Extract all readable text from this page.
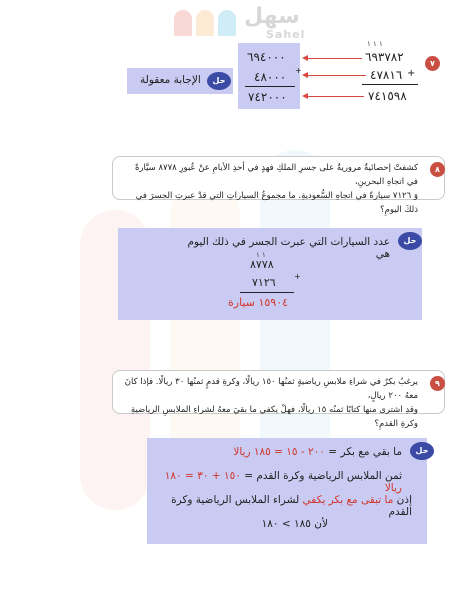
سهل
Sahel
٧
١ ١ ١
٦٩٣٧٨٢
+
٤٧٨١٦
٧٤١٥٩٨
٦٩٤٠٠٠
+
٤٨٠٠٠
٧٤٢٠٠٠
الإجابة معقولة	حل
كشفتْ إحصائيةٌ مروريةٌ على جسرِ الملكِ فهدٍ في أحدِ الأيامِ عنْ عُبورِ ٨٧٧٨ سيَّارةً في اتجاهِ البحرينِ،
وَ ٧١٢٦ سيارةً في اتجاهِ السُّعوديةِ. ما مجموعُ السياراتِ التي قدْ عبرتِ الجسرَ في ذلكَ اليومِ؟
٨
حل
عدد السيارات التي عبرت الجسر في ذلك اليوم هي
١ ١
٨٧٧٨
+
٧١٢٦
١٥٩٠٤ سيارة
يرغبُ بكرٌ في شراءِ ملابسِ رياضيةٍ ثمنُها ١٥٠ ريالًا، وكرةِ قدمٍ ثمنُها ٣٠ ريالًا. فإذا كانَ معهُ ٢٠٠ ريالٍ،
وقدِ اشترى منها كتابًا ثمنُه ١٥ ريالًا، فهلْ يكفي ما بقيَ معهُ لشراءِ الملابسِ الرياضيةِ وكرةِ القدمِ؟
٩
حل
ما بقي مع بكر = ٢٠٠ - ١٥ = ١٨٥ ريالا
ثمن الملابس الرياضية وكرة القدم = ١٥٠ + ٣٠ = ١٨٠ ريالا
إذن ما تبقى مع بكر يكفي لشراء الملابس الرياضية وكرة القدم
لأن ١٨٥ > ١٨٠
